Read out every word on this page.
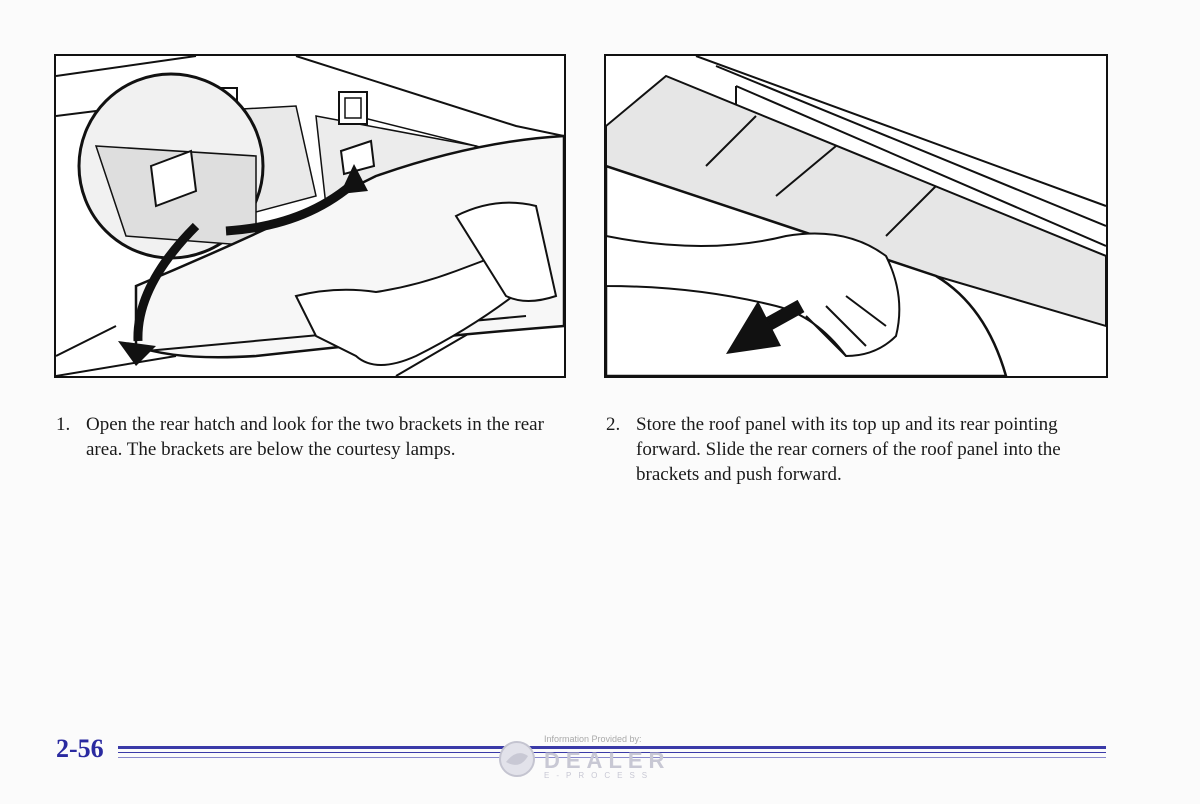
1. Open the rear hatch and look for the two brackets in the rear area. The brackets are below the courtesy lamps.
2. Store the roof panel with its top up and its rear pointing forward. Slide the rear corners of the roof panel into the brackets and push forward.
2-56	Information Provided by:
DEALER
E-PROCESS
